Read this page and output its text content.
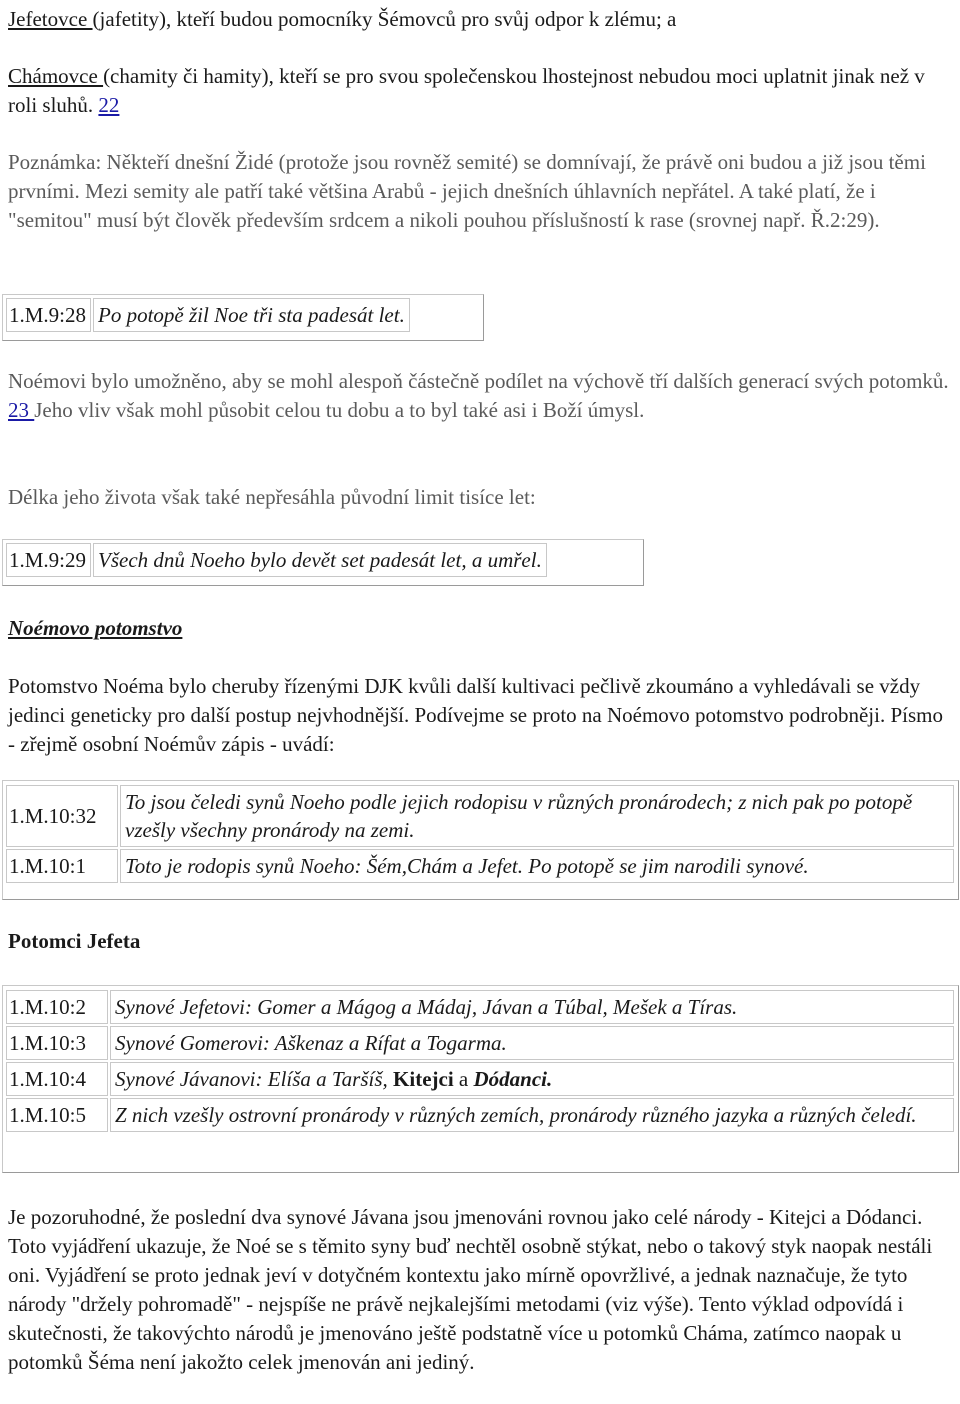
Jefetovce (jafetity), kteří budou pomocníky Šémovců pro svůj odpor k zlému; a

Chámovce (chamity či hamity), kteří se pro svou společenskou lhostejnost nebudou moci uplatnit jinak než v roli sluhů. 22

Poznámka: Někteří dnešní Židé (protože jsou rovněž semité) se domnívají, že právě oni budou a již jsou těmi prvními. Mezi semity ale patří také většina Arabů - jejich dnešních úhlavních nepřátel. A také platí, že i "semitou" musí být člověk především srdcem a nikoli pouhou příslušností k rase (srovnej např. Ř.2:29).

1.M.9:28	Po potopě žil Noe tři sta padesát let.

Noémovi bylo umožněno, aby se mohl alespoň částečně podílet na výchově tří dalších generací svých potomků. 23 Jeho vliv však mohl působit celou tu dobu a to byl také asi i Boží úmysl.

Délka jeho života však také nepřesáhla původní limit tisíce let:

1.M.9:29	Všech dnů Noeho bylo devět set padesát let, a umřel.

Noémovo potomstvo

Potomstvo Noéma bylo cheruby řízenými DJK kvůli další kultivaci pečlivě zkoumáno a vyhledávali se vždy jedinci geneticky pro další postup nejvhodnější. Podívejme se proto na Noémovo potomstvo podrobněji. Písmo - zřejmě osobní Noémův zápis - uvádí:

1.M.10:32	To jsou čeledi synů Noeho podle jejich rodopisu v různých pronárodech; z nich pak po potopě vzešly všechny pronárody na zemi.
1.M.10:1	Toto je rodopis synů Noeho: Šém,Chám a Jefet. Po potopě se jim narodili synové.

Potomci Jefeta

1.M.10:2	Synové Jefetovi: Gomer a Mágog a Mádaj, Jávan a Túbal, Mešek a Tíras.
1.M.10:3	Synové Gomerovi: Aškenaz a Rífat a Togarma.
1.M.10:4	Synové Jávanovi: Elíša a Taršíš, Kitejci a Dódanci.
1.M.10:5	Z nich vzešly ostrovní pronárody v různých zemích, pronárody různého jazyka a různých čeledí.

Je pozoruhodné, že poslední dva synové Jávana jsou jmenováni rovnou jako celé národy - Kitejci a Dódanci. Toto vyjádření ukazuje, že Noé se s těmito syny buď nechtěl osobně stýkat, nebo o takový styk naopak nestáli oni. Vyjádření se proto jednak jeví v dotyčném kontextu jako mírně opovržlivé, a jednak naznačuje, že tyto národy "držely pohromadě" - nejspíše ne právě nejkalejšími metodami (viz výše). Tento výklad odpovídá i skutečnosti, že takovýchto národů je jmenováno ještě podstatně více u potomků Cháma, zatímco naopak u potomků Šéma není jakožto celek jmenován ani jediný.
